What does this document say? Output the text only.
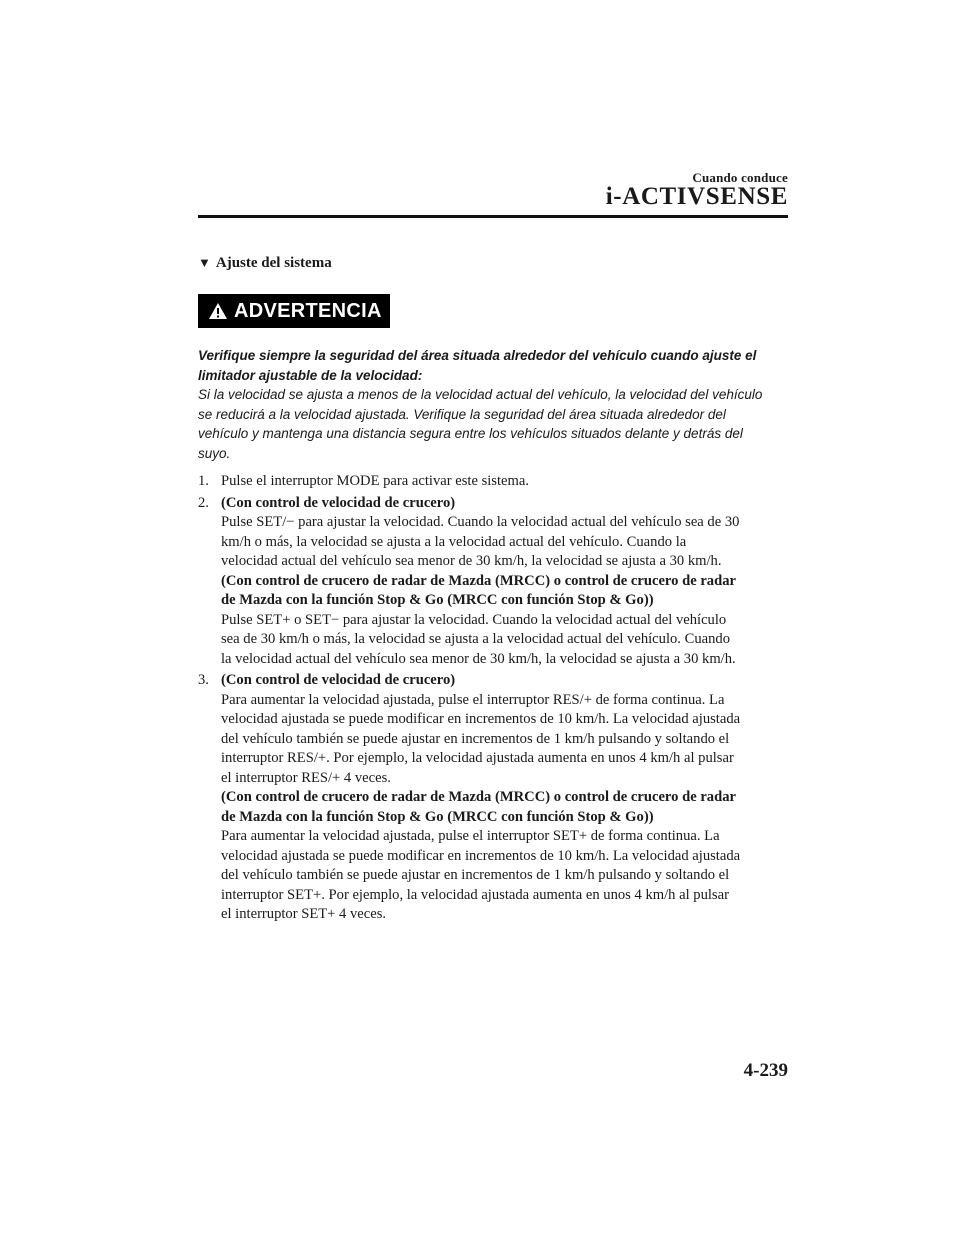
Cuando conduce
i-ACTIVSENSE
▼ Ajuste del sistema
ADVERTENCIA
Verifique siempre la seguridad del área situada alrededor del vehículo cuando ajuste el
limitador ajustable de la velocidad:
Si la velocidad se ajusta a menos de la velocidad actual del vehículo, la velocidad del vehículo
se reducirá a la velocidad ajustada. Verifique la seguridad del área situada alrededor del
vehículo y mantenga una distancia segura entre los vehículos situados delante y detrás del
suyo.
1. Pulse el interruptor MODE para activar este sistema.
2. (Con control de velocidad de crucero)
Pulse SET/− para ajustar la velocidad. Cuando la velocidad actual del vehículo sea de 30
km/h o más, la velocidad se ajusta a la velocidad actual del vehículo. Cuando la
velocidad actual del vehículo sea menor de 30 km/h, la velocidad se ajusta a 30 km/h.
(Con control de crucero de radar de Mazda (MRCC) o control de crucero de radar
de Mazda con la función Stop & Go (MRCC con función Stop & Go))
Pulse SET+ o SET− para ajustar la velocidad. Cuando la velocidad actual del vehículo
sea de 30 km/h o más, la velocidad se ajusta a la velocidad actual del vehículo. Cuando
la velocidad actual del vehículo sea menor de 30 km/h, la velocidad se ajusta a 30 km/h.
3. (Con control de velocidad de crucero)
Para aumentar la velocidad ajustada, pulse el interruptor RES/+ de forma continua. La
velocidad ajustada se puede modificar en incrementos de 10 km/h. La velocidad ajustada
del vehículo también se puede ajustar en incrementos de 1 km/h pulsando y soltando el
interruptor RES/+. Por ejemplo, la velocidad ajustada aumenta en unos 4 km/h al pulsar
el interruptor RES/+ 4 veces.
(Con control de crucero de radar de Mazda (MRCC) o control de crucero de radar
de Mazda con la función Stop & Go (MRCC con función Stop & Go))
Para aumentar la velocidad ajustada, pulse el interruptor SET+ de forma continua. La
velocidad ajustada se puede modificar en incrementos de 10 km/h. La velocidad ajustada
del vehículo también se puede ajustar en incrementos de 1 km/h pulsando y soltando el
interruptor SET+. Por ejemplo, la velocidad ajustada aumenta en unos 4 km/h al pulsar
el interruptor SET+ 4 veces.
4-239
